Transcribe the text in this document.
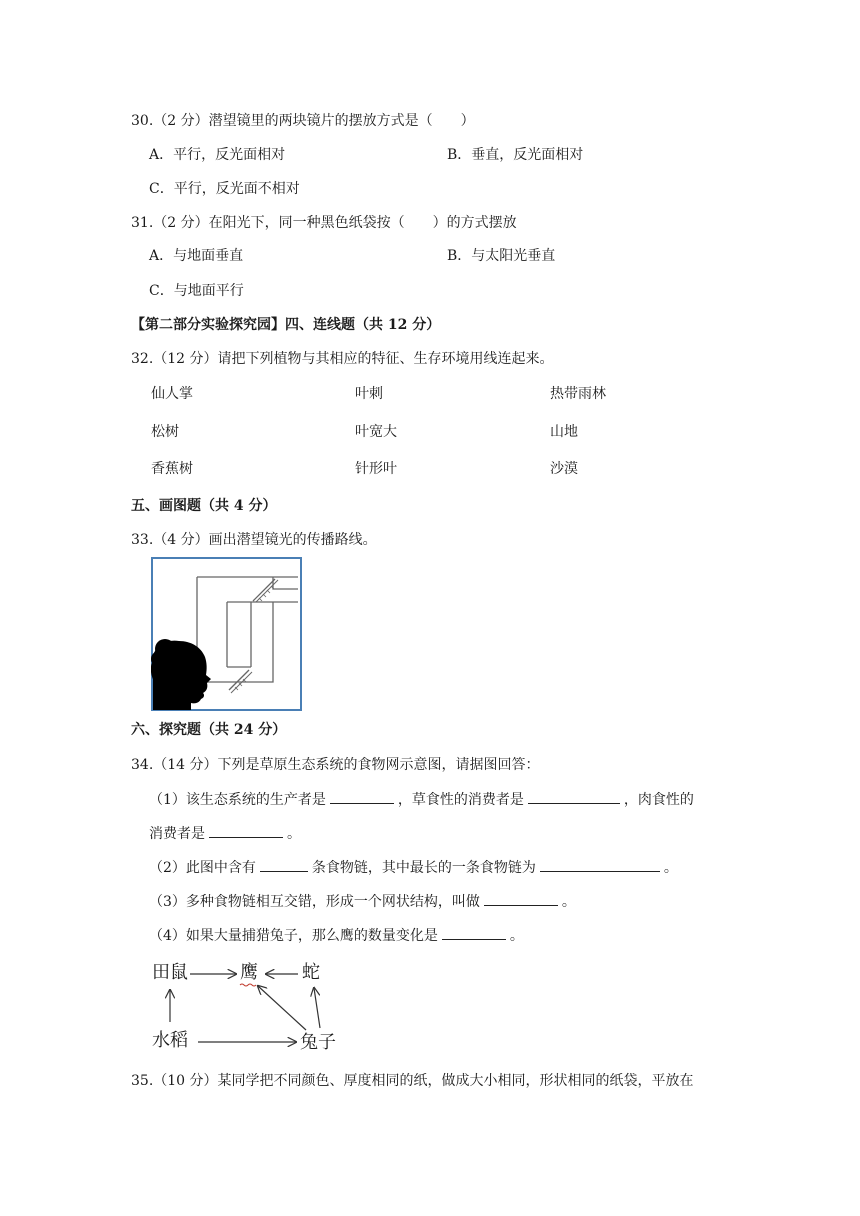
30.（2 分）潜望镜里的两块镜片的摆放方式是（　　）
A．平行，反光面相对	B．垂直，反光面相对
C．平行，反光面不相对
31.（2 分）在阳光下，同一种黑色纸袋按（　　）的方式摆放
A．与地面垂直	B．与太阳光垂直
C．与地面平行
【第二部分实验探究园】四、连线题（共 12 分）
32.（12 分）请把下列植物与其相应的特征、生存环境用线连起来。
仙人掌	叶刺	热带雨林
松树	叶宽大	山地
香蕉树	针形叶	沙漠
五、画图题（共 4 分）
33.（4 分）画出潜望镜光的传播路线。
六、探究题（共 24 分）
34.（14 分）下列是草原生态系统的食物网示意图，请据图回答：
（1）该生态系统的生产者是	，草食性的消费者是	，肉食性的
消费者是	。
（2）此图中含有	条食物链，其中最长的一条食物链为	。
（3）多种食物链相互交错，形成一个网状结构，叫做	。
（4）如果大量捕猎兔子，那么鹰的数量变化是	。
田鼠	鹰 蛇
水稻	兔子
35.（10 分）某同学把不同颜色、厚度相同的纸，做成大小相同，形状相同的纸袋，平放在
